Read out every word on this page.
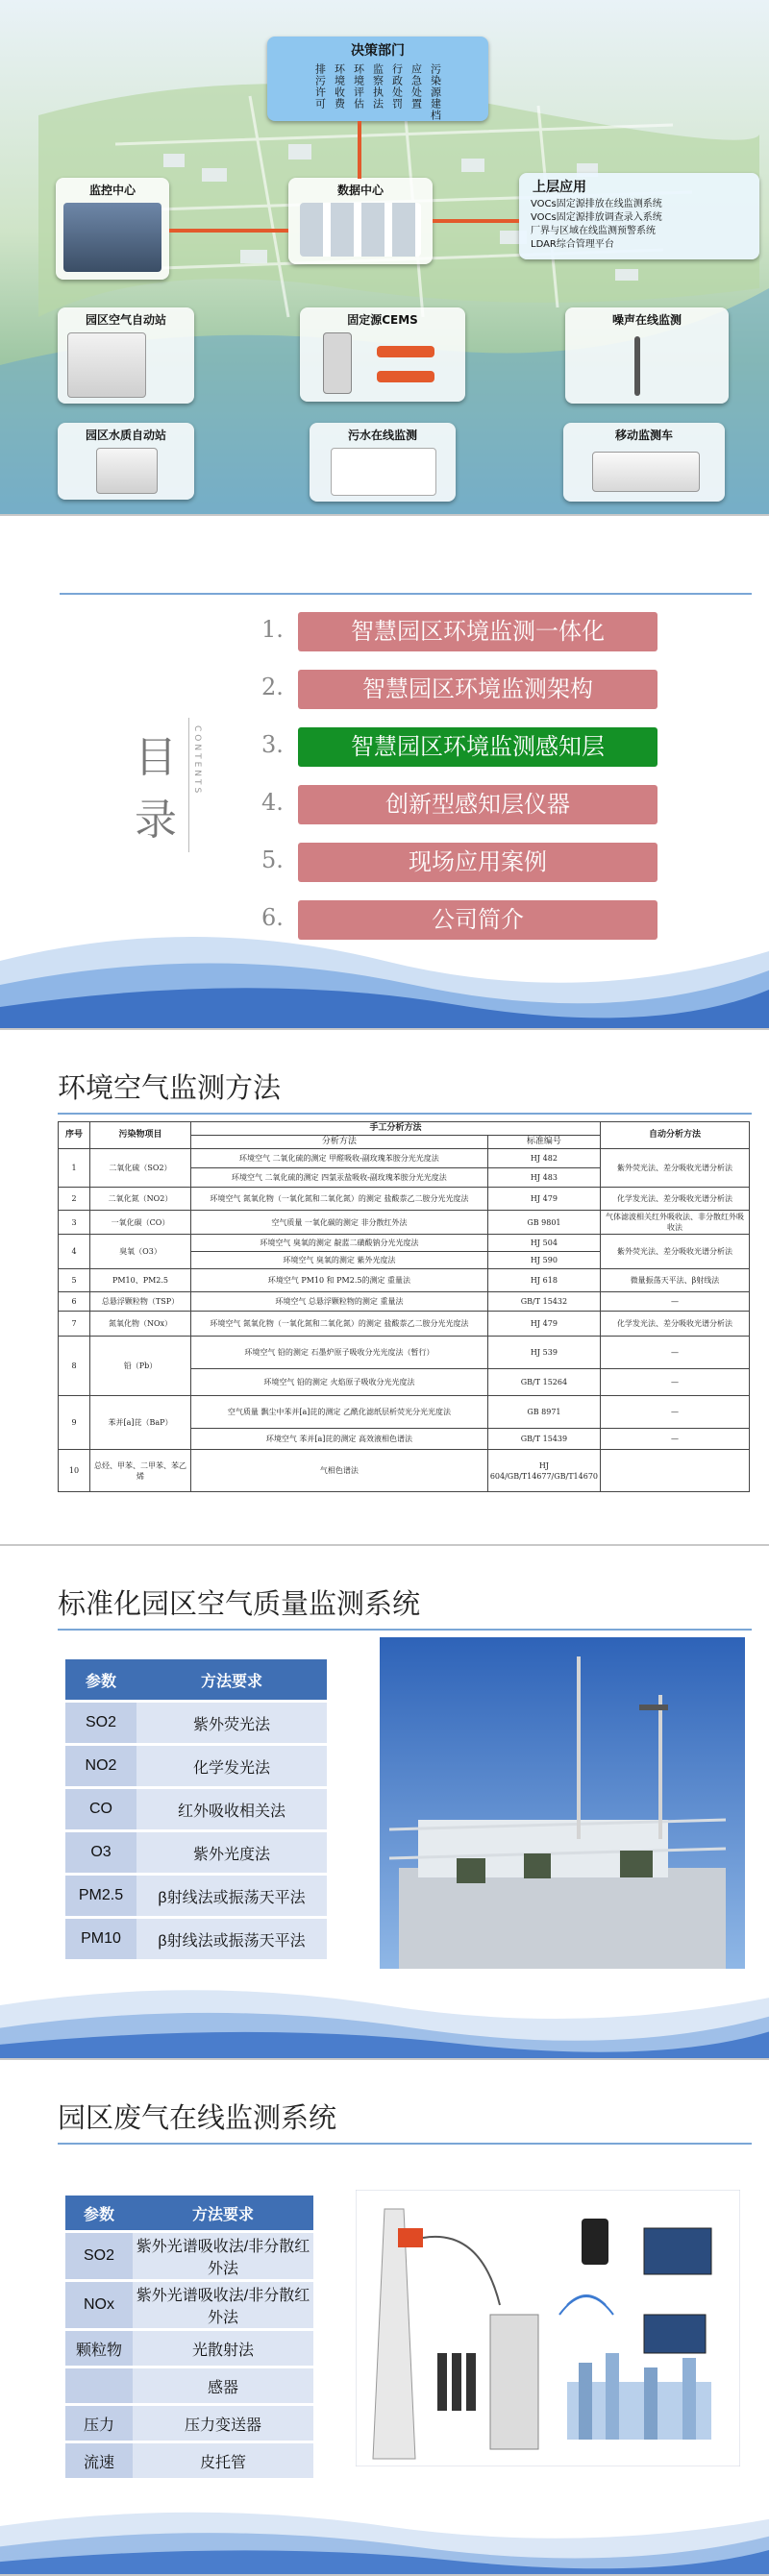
决策部门
排污许可 环境收费 环境评估 监察执法 行政处罚 应急处置 污染源建档
监控中心	数据中心	上层应用
VOCs固定源排放在线监测系统
VOCs固定源排放调查录入系统
厂界与区域在线监测预警系统
LDAR综合管理平台
园区空气自动站	固定源CEMS	噪声在线监测
园区水质自动站	污水在线监测	移动监测车
目
录
CONTENTS
1.	智慧园区环境监测一体化
2.	智慧园区环境监测架构
3.	智慧园区环境监测感知层
4.	创新型感知层仪器
5.	现场应用案例
6.	公司简介
环境空气监测方法
序号	污染物项目	手工分析方法		自动分析方法
		分析方法	标准编号	
1	二氧化硫（SO2）	环境空气 二氧化硫的测定 甲醛吸收-副玫瑰苯胺分光光度法	HJ 482	紫外荧光法、差分吸收光谱分析法
		环境空气 二氧化硫的测定 四氯汞盐吸收-副玫瑰苯胺分光光度法	HJ 483	
2	二氧化氮（NO2）	环境空气 氮氧化物（一氧化氮和二氧化氮）的测定 盐酸萘乙二胺分光光度法	HJ 479	化学发光法、差分吸收光谱分析法
3	一氧化碳（CO）	空气质量 一氧化碳的测定 非分散红外法	GB 9801	气体滤波相关红外吸收法、非分散红外吸收法
4	臭氧（O3）	环境空气 臭氧的测定 靛蓝二磺酸钠分光光度法	HJ 504	紫外荧光法、差分吸收光谱分析法
		环境空气 臭氧的测定 紫外光度法	HJ 590	
5	PM10、PM2.5	环境空气 PM10 和 PM2.5的测定 重量法	HJ 618	微量振荡天平法、β射线法
6	总悬浮颗粒物（TSP）	环境空气 总悬浮颗粒物的测定 重量法	GB/T 15432	—
7	氮氧化物（NOx）	环境空气 氮氧化物（一氧化氮和二氧化氮）的测定 盐酸萘乙二胺分光光度法	HJ 479	化学发光法、差分吸收光谱分析法
8	铅（Pb）	环境空气 铅的测定 石墨炉原子吸收分光光度法（暂行）	HJ 539	—
		环境空气 铅的测定 火焰原子吸收分光光度法	GB/T 15264	—
9	苯并[a]芘（BaP）	空气质量 飘尘中苯并[a]芘的测定 乙酰化滤纸层析荧光分光光度法	GB 8971	—
		环境空气 苯并[a]芘的测定 高效液相色谱法	GB/T 15439	—
10	总烃、甲苯、二甲苯、苯乙烯	气相色谱法	HJ 604/GB/T14677/GB/T14670	
标准化园区空气质量监测系统
参数	方法要求
SO2	紫外荧光法
NO2	化学发光法
CO	红外吸收相关法
O3	紫外光度法
PM2.5	β射线法或振荡天平法
PM10	β射线法或振荡天平法
园区废气在线监测系统
参数	方法要求
SO2	紫外光谱吸收法/非分散红外法
NOx	紫外光谱吸收法/非分散红外法
颗粒物	光散射法
	感器
压力	压力变送器
流速	皮托管
